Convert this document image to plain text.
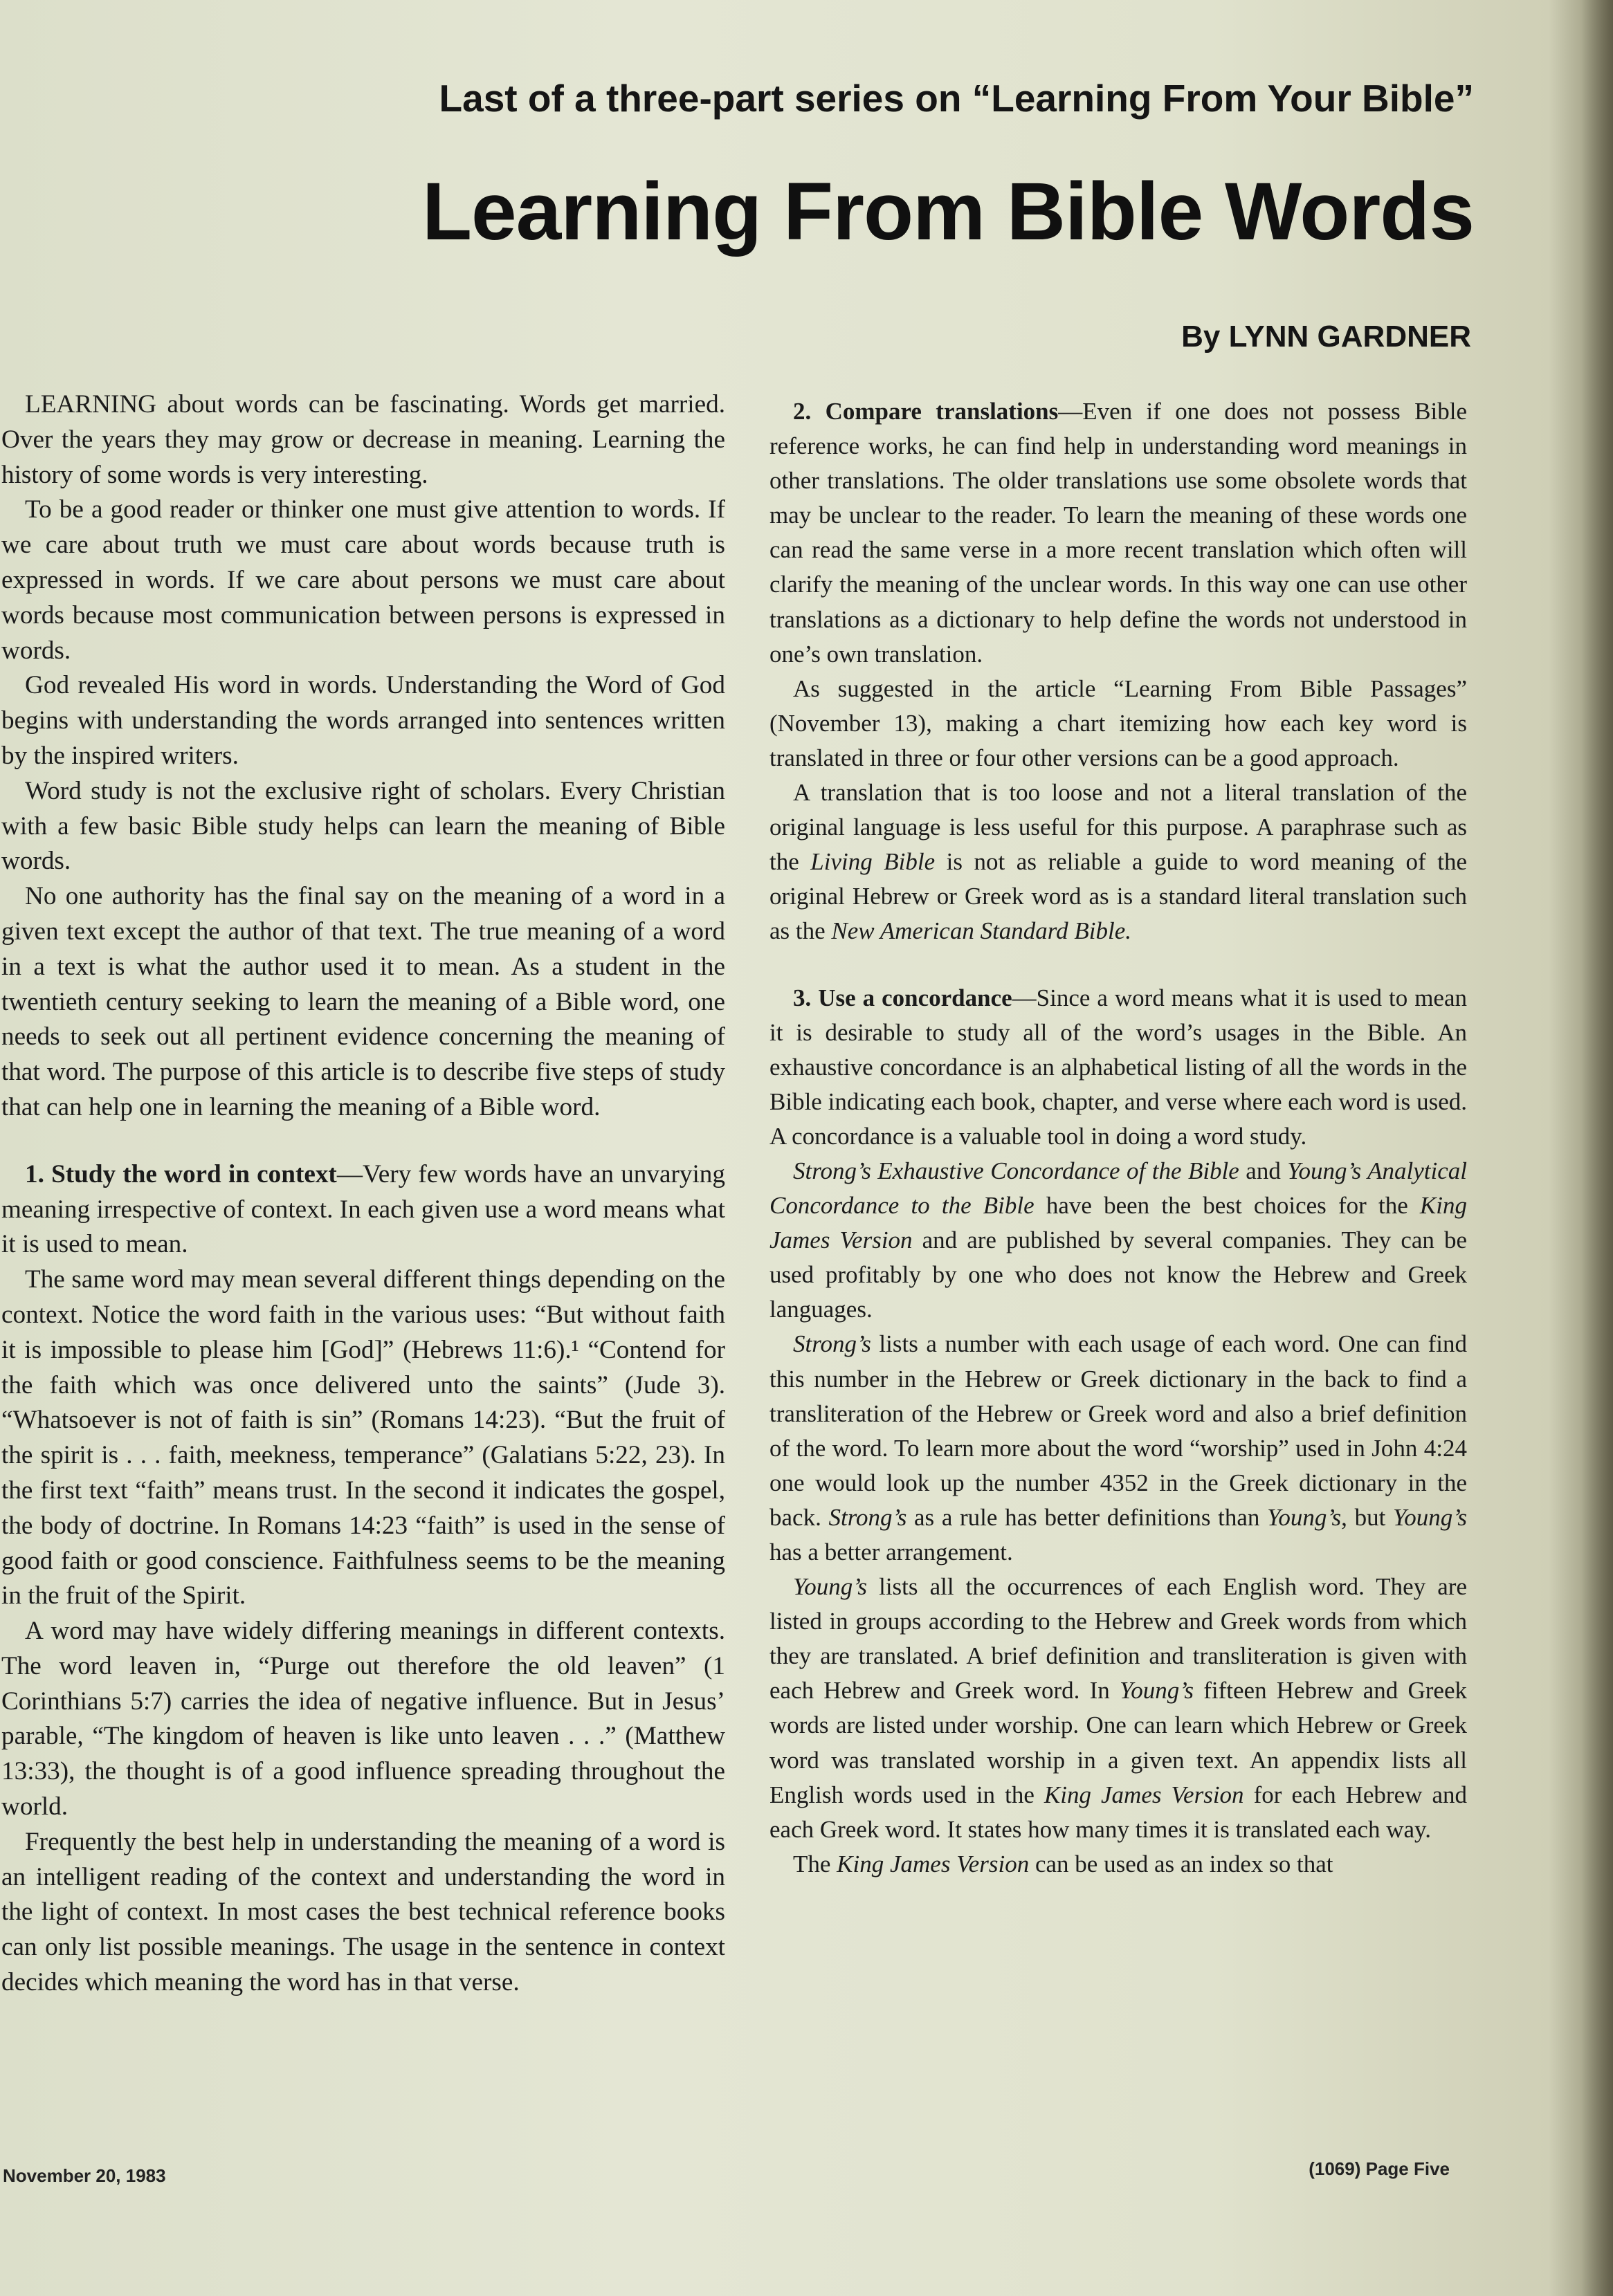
Last of a three-part series on “Learning From Your Bible”
Learning From Bible Words
By LYNN GARDNER

LEARNING about words can be fascinating. Words get married. Over the years they may grow or decrease in meaning. Learning the history of some words is very interesting.

To be a good reader or thinker one must give attention to words. If we care about truth we must care about words because truth is expressed in words. If we care about persons we must care about words because most communication between persons is expressed in words.

God revealed His word in words. Understanding the Word of God begins with understanding the words arranged into sentences written by the inspired writers.

Word study is not the exclusive right of scholars. Every Christian with a few basic Bible study helps can learn the meaning of Bible words.

No one authority has the final say on the meaning of a word in a given text except the author of that text. The true meaning of a word in a text is what the author used it to mean. As a student in the twentieth century seeking to learn the meaning of a Bible word, one needs to seek out all pertinent evidence concerning the meaning of that word. The purpose of this article is to describe five steps of study that can help one in learning the meaning of a Bible word.

1. Study the word in context—Very few words have an unvarying meaning irrespective of context. In each given use a word means what it is used to mean.

The same word may mean several different things depending on the context. Notice the word faith in the various uses: “But without faith it is impossible to please him [God]” (Hebrews 11:6).¹ “Contend for the faith which was once delivered unto the saints” (Jude 3). “Whatsoever is not of faith is sin” (Romans 14:23). “But the fruit of the spirit is . . . faith, meekness, temperance” (Galatians 5:22, 23). In the first text “faith” means trust. In the second it indicates the gospel, the body of doctrine. In Romans 14:23 “faith” is used in the sense of good faith or good conscience. Faithfulness seems to be the meaning in the fruit of the Spirit.

A word may have widely differing meanings in different contexts. The word leaven in, “Purge out therefore the old leaven” (1 Corinthians 5:7) carries the idea of negative influence. But in Jesus’ parable, “The kingdom of heaven is like unto leaven . . .” (Matthew 13:33), the thought is of a good influence spreading throughout the world.

Frequently the best help in understanding the meaning of a word is an intelligent reading of the context and understanding the word in the light of context. In most cases the best technical reference books can only list possible meanings. The usage in the sentence in context decides which meaning the word has in that verse.

2. Compare translations—Even if one does not possess Bible reference works, he can find help in understanding word meanings in other translations. The older translations use some obsolete words that may be unclear to the reader. To learn the meaning of these words one can read the same verse in a more recent translation which often will clarify the meaning of the unclear words. In this way one can use other translations as a dictionary to help define the words not understood in one’s own translation.

As suggested in the article “Learning From Bible Passages” (November 13), making a chart itemizing how each key word is translated in three or four other versions can be a good approach.

A translation that is too loose and not a literal translation of the original language is less useful for this purpose. A paraphrase such as the Living Bible is not as reliable a guide to word meaning of the original Hebrew or Greek word as is a standard literal translation such as the New American Standard Bible.

3. Use a concordance—Since a word means what it is used to mean it is desirable to study all of the word’s usages in the Bible. An exhaustive concordance is an alphabetical listing of all the words in the Bible indicating each book, chapter, and verse where each word is used. A concordance is a valuable tool in doing a word study.

Strong’s Exhaustive Concordance of the Bible and Young’s Analytical Concordance to the Bible have been the best choices for the King James Version and are published by several companies. They can be used profitably by one who does not know the Hebrew and Greek languages.

Strong’s lists a number with each usage of each word. One can find this number in the Hebrew or Greek dictionary in the back to find a transliteration of the Hebrew or Greek word and also a brief definition of the word. To learn more about the word “worship” used in John 4:24 one would look up the number 4352 in the Greek dictionary in the back. Strong’s as a rule has better definitions than Young’s, but Young’s has a better arrangement.

Young’s lists all the occurrences of each English word. They are listed in groups according to the Hebrew and Greek words from which they are translated. A brief definition and transliteration is given with each Hebrew and Greek word. In Young’s fifteen Hebrew and Greek words are listed under worship. One can learn which Hebrew or Greek word was translated worship in a given text. An appendix lists all English words used in the King James Version for each Hebrew and each Greek word. It states how many times it is translated each way.

The King James Version can be used as an index so that

November 20, 1983	(1069) Page Five
